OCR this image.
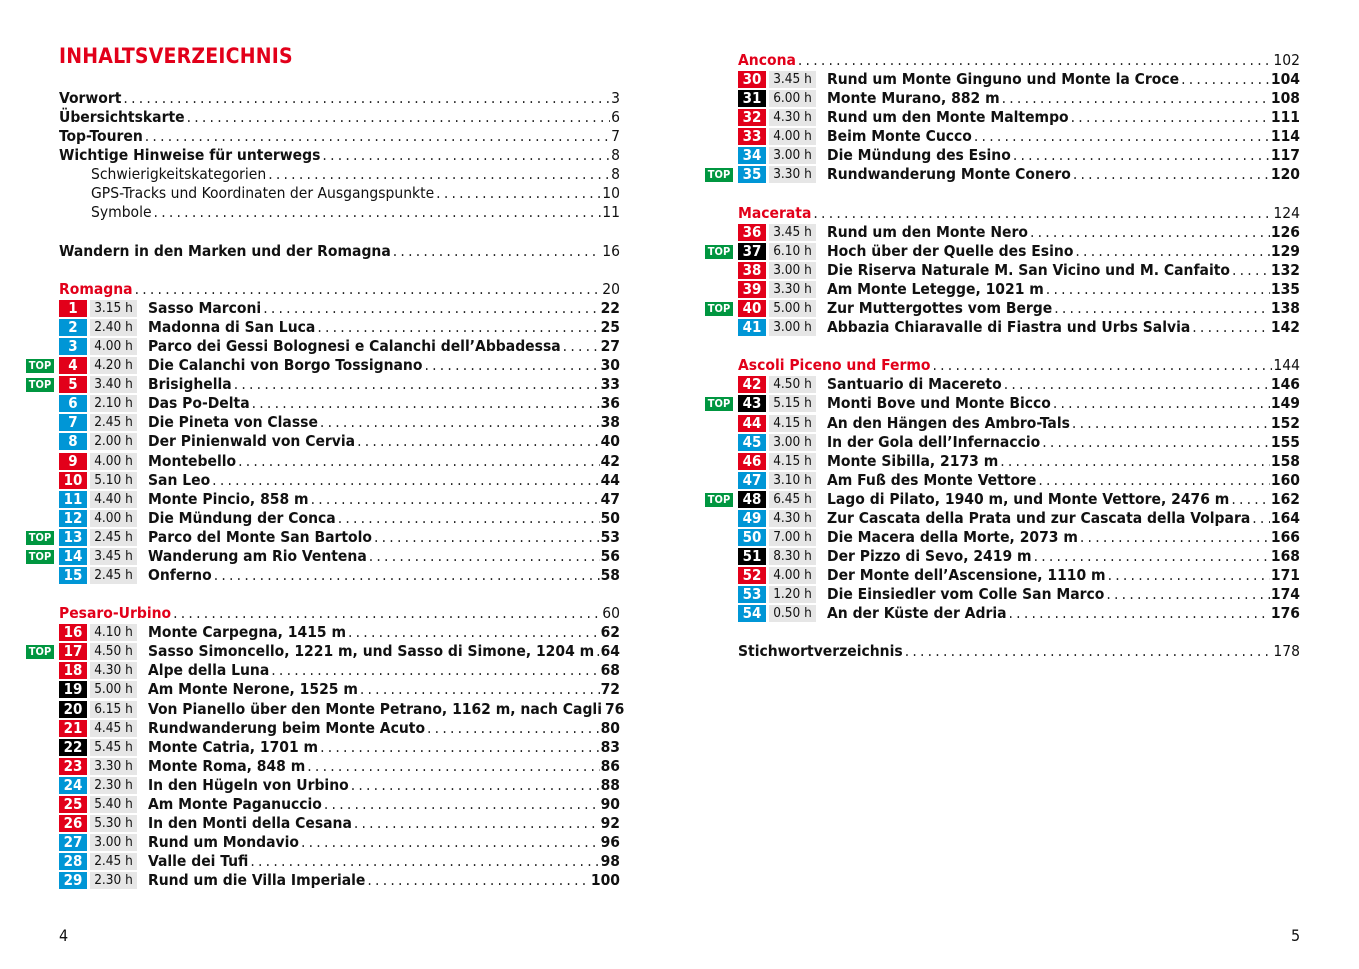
INHALTSVERZEICHNIS
Vorwort . . .	3
Übersichtskarte . . .	6
Top-Touren . . .	7
Wichtige Hinweise für unterwegs . . .	8
Schwierigkeitskategorien . . .	8
GPS-Tracks und Koordinaten der Ausgangspunkte . . .	10
Symbole . . .	11
Wandern in den Marken und der Romagna . . .	16
Romagna . . .	20
1	3.15 h Sasso Marconi . . .	22
2	2.40 h Madonna di San Luca . . .	25
3	4.00 h Parco dei Gessi Bolognesi e Calanchi dell’Abbadessa . . .	27
TOP	4	4.20 h Die Calanchi von Borgo Tossignano . . .	30
TOP	5	3.40 h Brisighella . . .	33
6	2.10 h Das Po-Delta . . .	36
7	2.45 h Die Pineta von Classe . . .	38
8	2.00 h Der Pinienwald von Cervia . . .	40
9	4.00 h Montebello . . .	42
10 5.10 h San Leo . . .	44
11 4.40 h Monte Pincio, 858 m . . .	47
12 4.00 h Die Mündung der Conca . . .	50
TOP 13 2.45 h Parco del Monte San Bartolo . . .	53
TOP 14 3.45 h Wanderung am Rio Ventena . . .	56
15 2.45 h Onferno . . .	58
Pesaro-Urbino . . .	60
16 4.10 h Monte Carpegna, 1415 m . . .	62
TOP 17 4.50 h Sasso Simoncello, 1221 m, und Sasso di Simone, 1204 m . . . 64
18 4.30 h Alpe della Luna . . .	68
19 5.00 h Am Monte Nerone, 1525 m . . .	72
20 6.15 h Von Pianello über den Monte Petrano, 1162 m, nach Cagli 76
21 4.45 h Rundwanderung beim Monte Acuto . . .	80
22 5.45 h Monte Catria, 1701 m . . .	83
23 3.30 h Monte Roma, 848 m . . .	86
24 2.30 h In den Hügeln von Urbino . . .	88
25 5.40 h Am Monte Paganuccio . . .	90
26 5.30 h In den Monti della Cesana . . .	92
27 3.00 h Rund um Mondavio . . .	96
28 2.45 h Valle dei Tufi . . .	98
29 2.30 h Rund um die Villa Imperiale . . .	100
4
Ancona . . .	102
30 3.45 h Rund um Monte Ginguno und Monte la Croce . . .	104
31 6.00 h Monte Murano, 882 m . . .	108
32 4.30 h Rund um den Monte Maltempo . . .	111
33 4.00 h Beim Monte Cucco . . .	114
34 3.00 h Die Mündung des Esino . . .	117
TOP 35 3.30 h Rundwanderung Monte Conero . . .	120
Macerata . . .	124
36 3.45 h Rund um den Monte Nero . . .	126
TOP 37 6.10 h Hoch über der Quelle des Esino . . .	129
38 3.00 h Die Riserva Naturale M. San Vicino und M. Canfaito . . .	132
39 3.30 h Am Monte Letegge, 1021 m . . .	135
TOP 40 5.00 h Zur Muttergottes vom Berge . . .	138
41 3.00 h Abbazia Chiaravalle di Fiastra und Urbs Salvia . . .	142
Ascoli Piceno und Fermo . . .	144
42 4.50 h Santuario di Macereto . . .	146
TOP 43 5.15 h Monti Bove und Monte Bicco . . .	149
44 4.15 h An den Hängen des Ambro-Tals . . .	152
45 3.00 h In der Gola dell’Infernaccio . . .	155
46 4.15 h Monte Sibilla, 2173 m . . .	158
47 3.10 h Am Fuß des Monte Vettore . . .	160
TOP 48 6.45 h Lago di Pilato, 1940 m, und Monte Vettore, 2476 m . . .	162
49 4.30 h Zur Cascata della Prata und zur Cascata della Volpara . . . 164
50 7.00 h Die Macera della Morte, 2073 m . . .	166
51 8.30 h Der Pizzo di Sevo, 2419 m . . .	168
52 4.00 h Der Monte dell’Ascensione, 1110 m . . .	171
53 1.20 h Die Einsiedler vom Colle San Marco . . .	174
54 0.50 h An der Küste der Adria . . .	176
Stichwortverzeichnis . . .	178
5
